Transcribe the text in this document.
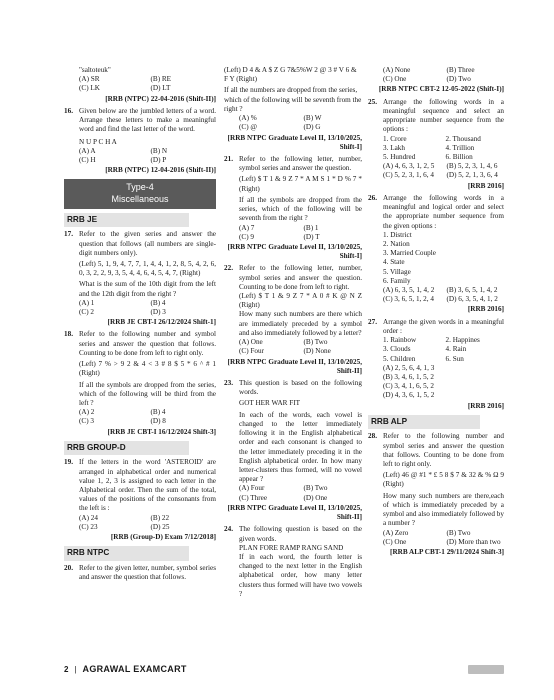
"saltoteuk"

(A) SR	(B) RE
(C) LK	(D) LT

[RRB (NTPC) 22-04-2016 (Shift-II)]

16. Given below are the jumbled letters of a word. Arrange these letters to make a meaningful word and find the last letter of the word.

N U P C H A

(A) A	(B) N
(C) H	(D) P

[RRB (NTPC) 12-04-2016 (Shift-II)]

Type-4
Miscellaneous
RRB JE
17. Refer to the given series and answer the question that follows (all numbers are single-digit numbers only).

(Left) 5, 1, 9, 4, 7, 7, 1, 4, 4, 1, 2, 8, 5, 4, 2, 6, 0, 3, 2, 2, 9, 3, 5, 4, 4, 6, 4, 5, 4, 7, (Right)

What is the sum of the 10th digit from the left and the 12th digit from the right ?

(A) 1	(B) 4
(C) 2	(D) 3

[RRB JE CBT-I 26/12/2024 Shift-1]

18. Refer to the following number and symbol series and answer the question that follows. Counting to be done from left to right only.

(Left) 7 % > 9 2 & 4 < 3 # 8 $ 5 * 6 ^ # 1 (Right)

If all the symbols are dropped from the series, which of the following will be third from the left ?

(A) 2	(B) 4
(C) 3	(D) 8

[RRB JE CBT-I 16/12/2024 Shift-3]

RRB GROUP-D
19. If the letters in the word 'ASTEROID' are arranged in alphabetical order and numerical value 1, 2, 3 is assigned to each letter in the Alphabetical order. Then the sum of the total, values of the positions of the consonants from the left is :

(A) 24	(B) 22
(C) 23	(D) 25

[RRB (Group-D) Exam 7/12/2018]

RRB NTPC
20. Refer to the given letter, number, symbol series and answer the question that follows.

(Left) D 4 & A $ Z G 7&5%W 2 @ 3 # V 6 & F Y (Right)

If all the numbers are dropped from the series, which of the following will be seventh from the right ?

(A) %	(B) W
(C) @	(D) G

[RRB NTPC Graduate Level II, 13/10/2025, Shift-I]

21. Refer to the following letter, number, symbol series and answer the question.

(Left) $ T 1 & 9 Z 7 * A M S 1 * D % 7 * (Right)

If all the symbols are dropped from the series, which of the following will be seventh from the right ?

(A) 7	(B) 1
(C) 9	(D) T

[RRB NTPC Graduate Level II, 13/10/2025, Shift-I]

22. Refer to the following letter, number, symbol series and answer the question. Counting to be done from left to right.

(Left) $ T 1 & 9 Z 7 * A 0 # K @ N Z (Right)

How many such numbers are there which are immediately preceded by a symbol and also immediately followed by a letter?

(A) One	(B) Two
(C) Four	(D) None

[RRB NTPC Graduate Level II, 13/10/2025, Shift-II]

23. This question is based on the following words.

GOT HER WAR FIT

In each of the words, each vowel is changed to the letter immediately following it in the English alphabetical order and each consonant is changed to the letter immediately preceding it in the English alphabetical order. In how many letter-clusters thus formed, will no vowel appear ?

(A) Four	(B) Two
(C) Three	(D) One

[RRB NTPC Graduate Level II, 13/10/2025, Shift-II]

24. The following question is based on the given words.

PLAN FORE RAMP RANG SAND

If in each word, the fourth letter is changed to the next letter in the English alphabetical order, how many letter clusters thus formed will have two vowels ?

(A) None	(B) Three
(C) One	(D) Two

[RRB NTPC CBT-2 12-05-2022 (Shift-I)]

25. Arrange the following words in a meaningful sequence and select an appropriate number sequence from the options :

1. Crore	2. Thousand
3. Lakh	4. Trillion
5. Hundred	6. Billion
(A) 4, 6, 3, 1, 2, 5	(B) 5, 2, 3, 1, 4, 6
(C) 5, 2, 3, 1, 6, 4	(D) 5, 2, 1, 3, 6, 4

[RRB 2016]

26. Arrange the following words in a meaningful and logical order and select the appropriate number sequence from the given options :

1. District
2. Nation
3. Married Couple
4. State
5. Village
6. Family
(A) 6, 3, 5, 1, 4, 2	(B) 3, 6, 5, 1, 4, 2
(C) 3, 6, 5, 1, 2, 4	(D) 6, 3, 5, 4, 1, 2

[RRB 2016]

27. Arrange the given words in a meaningful order :

1. Rainbow	2. Happines
3. Clouds	4. Rain
5. Children	6. Sun
(A) 2, 5, 6, 4, 1, 3
(B) 3, 4, 6, 1, 5, 2
(C) 3, 4, 1, 6, 5, 2
(D) 4, 3, 6, 1, 5, 2

[RRB 2016]

RRB ALP
28. Refer to the following number and symbol series and answer the question that follows. Counting to be done from left to right only.

(Left) 46 @ #1 * £ 5 8 $ 7 & 32 & % Ω 9 (Right)

How many such numbers are there,each of which is immediately preceded by a symbol and also immediately followed by a number ?

(A) Zero	(B) Two
(C) One	(D) More than two

[RRB ALP CBT-1 29/11/2024 Shift-3]

2 | AGRAWAL EXAMCART
